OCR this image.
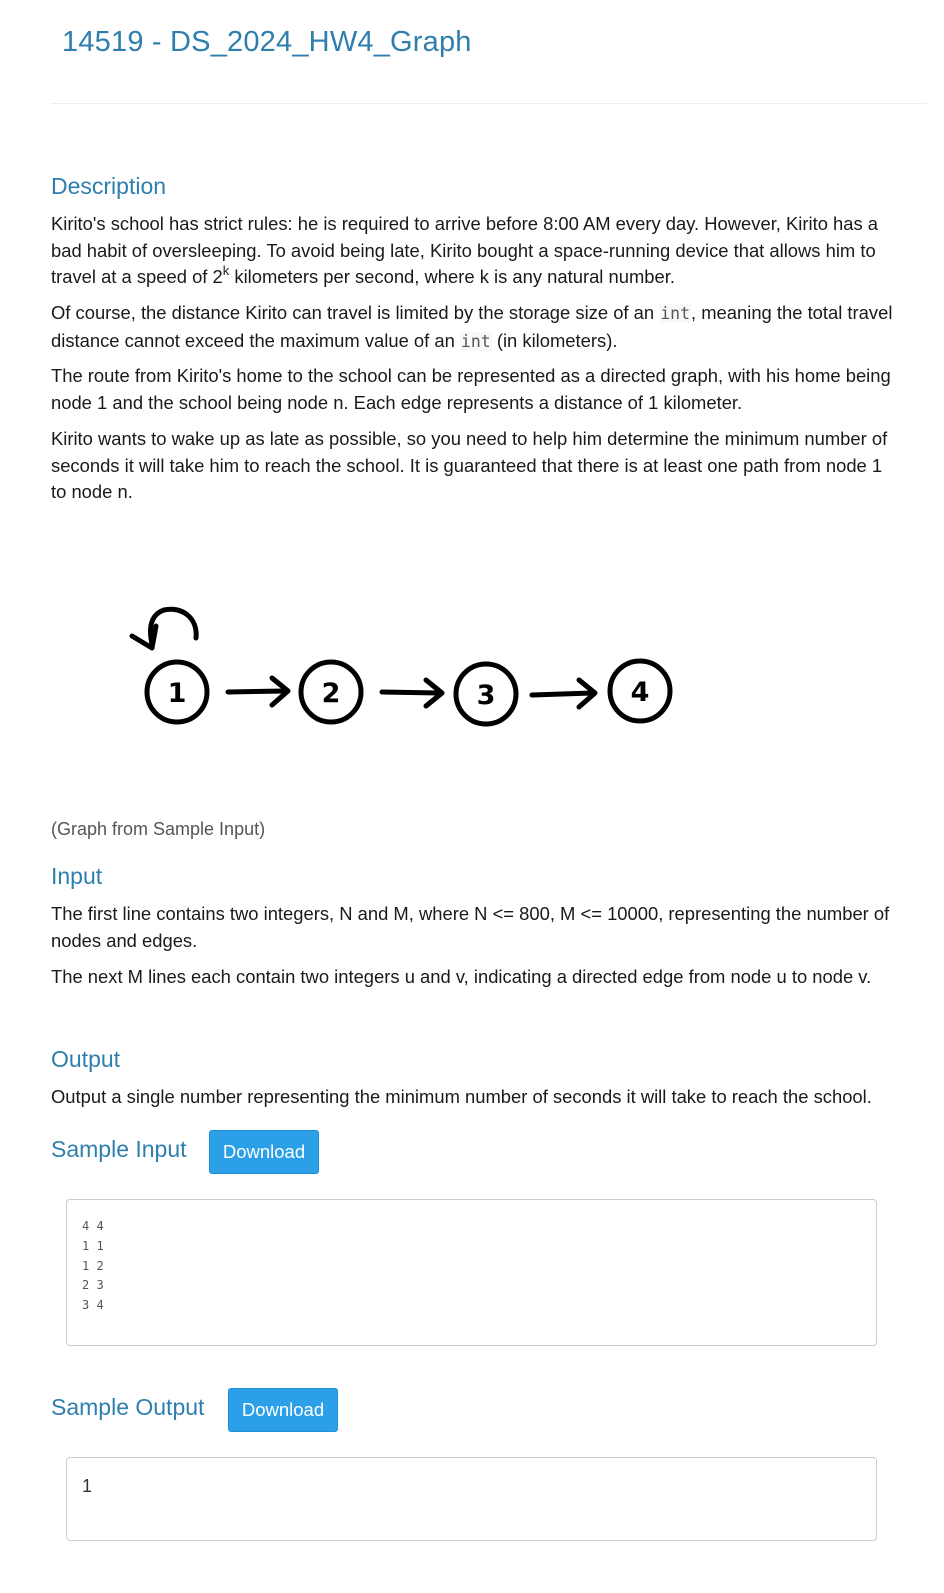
14519 - DS_2024_HW4_Graph
Description

Kirito's school has strict rules: he is required to arrive before 8:00 AM every day. However, Kirito has a bad habit of oversleeping. To avoid being late, Kirito bought a space-running device that allows him to travel at a speed of 2$^k$ kilometers per second, where k is any natural number.

Of course, the distance Kirito can travel is limited by the storage size of an int, meaning the total travel distance cannot exceed the maximum value of an int (in kilometers).

The route from Kirito's home to the school can be represented as a directed graph, with his home being node 1 and the school being node n. Each edge represents a distance of 1 kilometer.

Kirito wants to wake up as late as possible, so you need to help him determine the minimum number of seconds it will take him to reach the school. It is guaranteed that there is at least one path from node 1 to node n.

1	2	3	4

(Graph from Sample Input)

Input

The first line contains two integers, N and M, where N <= 800, M <= 10000, representing the number of nodes and edges.

The next M lines each contain two integers u and v, indicating a directed edge from node u to node v.

Output

Output a single number representing the minimum number of seconds it will take to reach the school.

Sample Input	Download
4 4
1 1
1 2
2 3
3 4
Sample Output	Download
1
